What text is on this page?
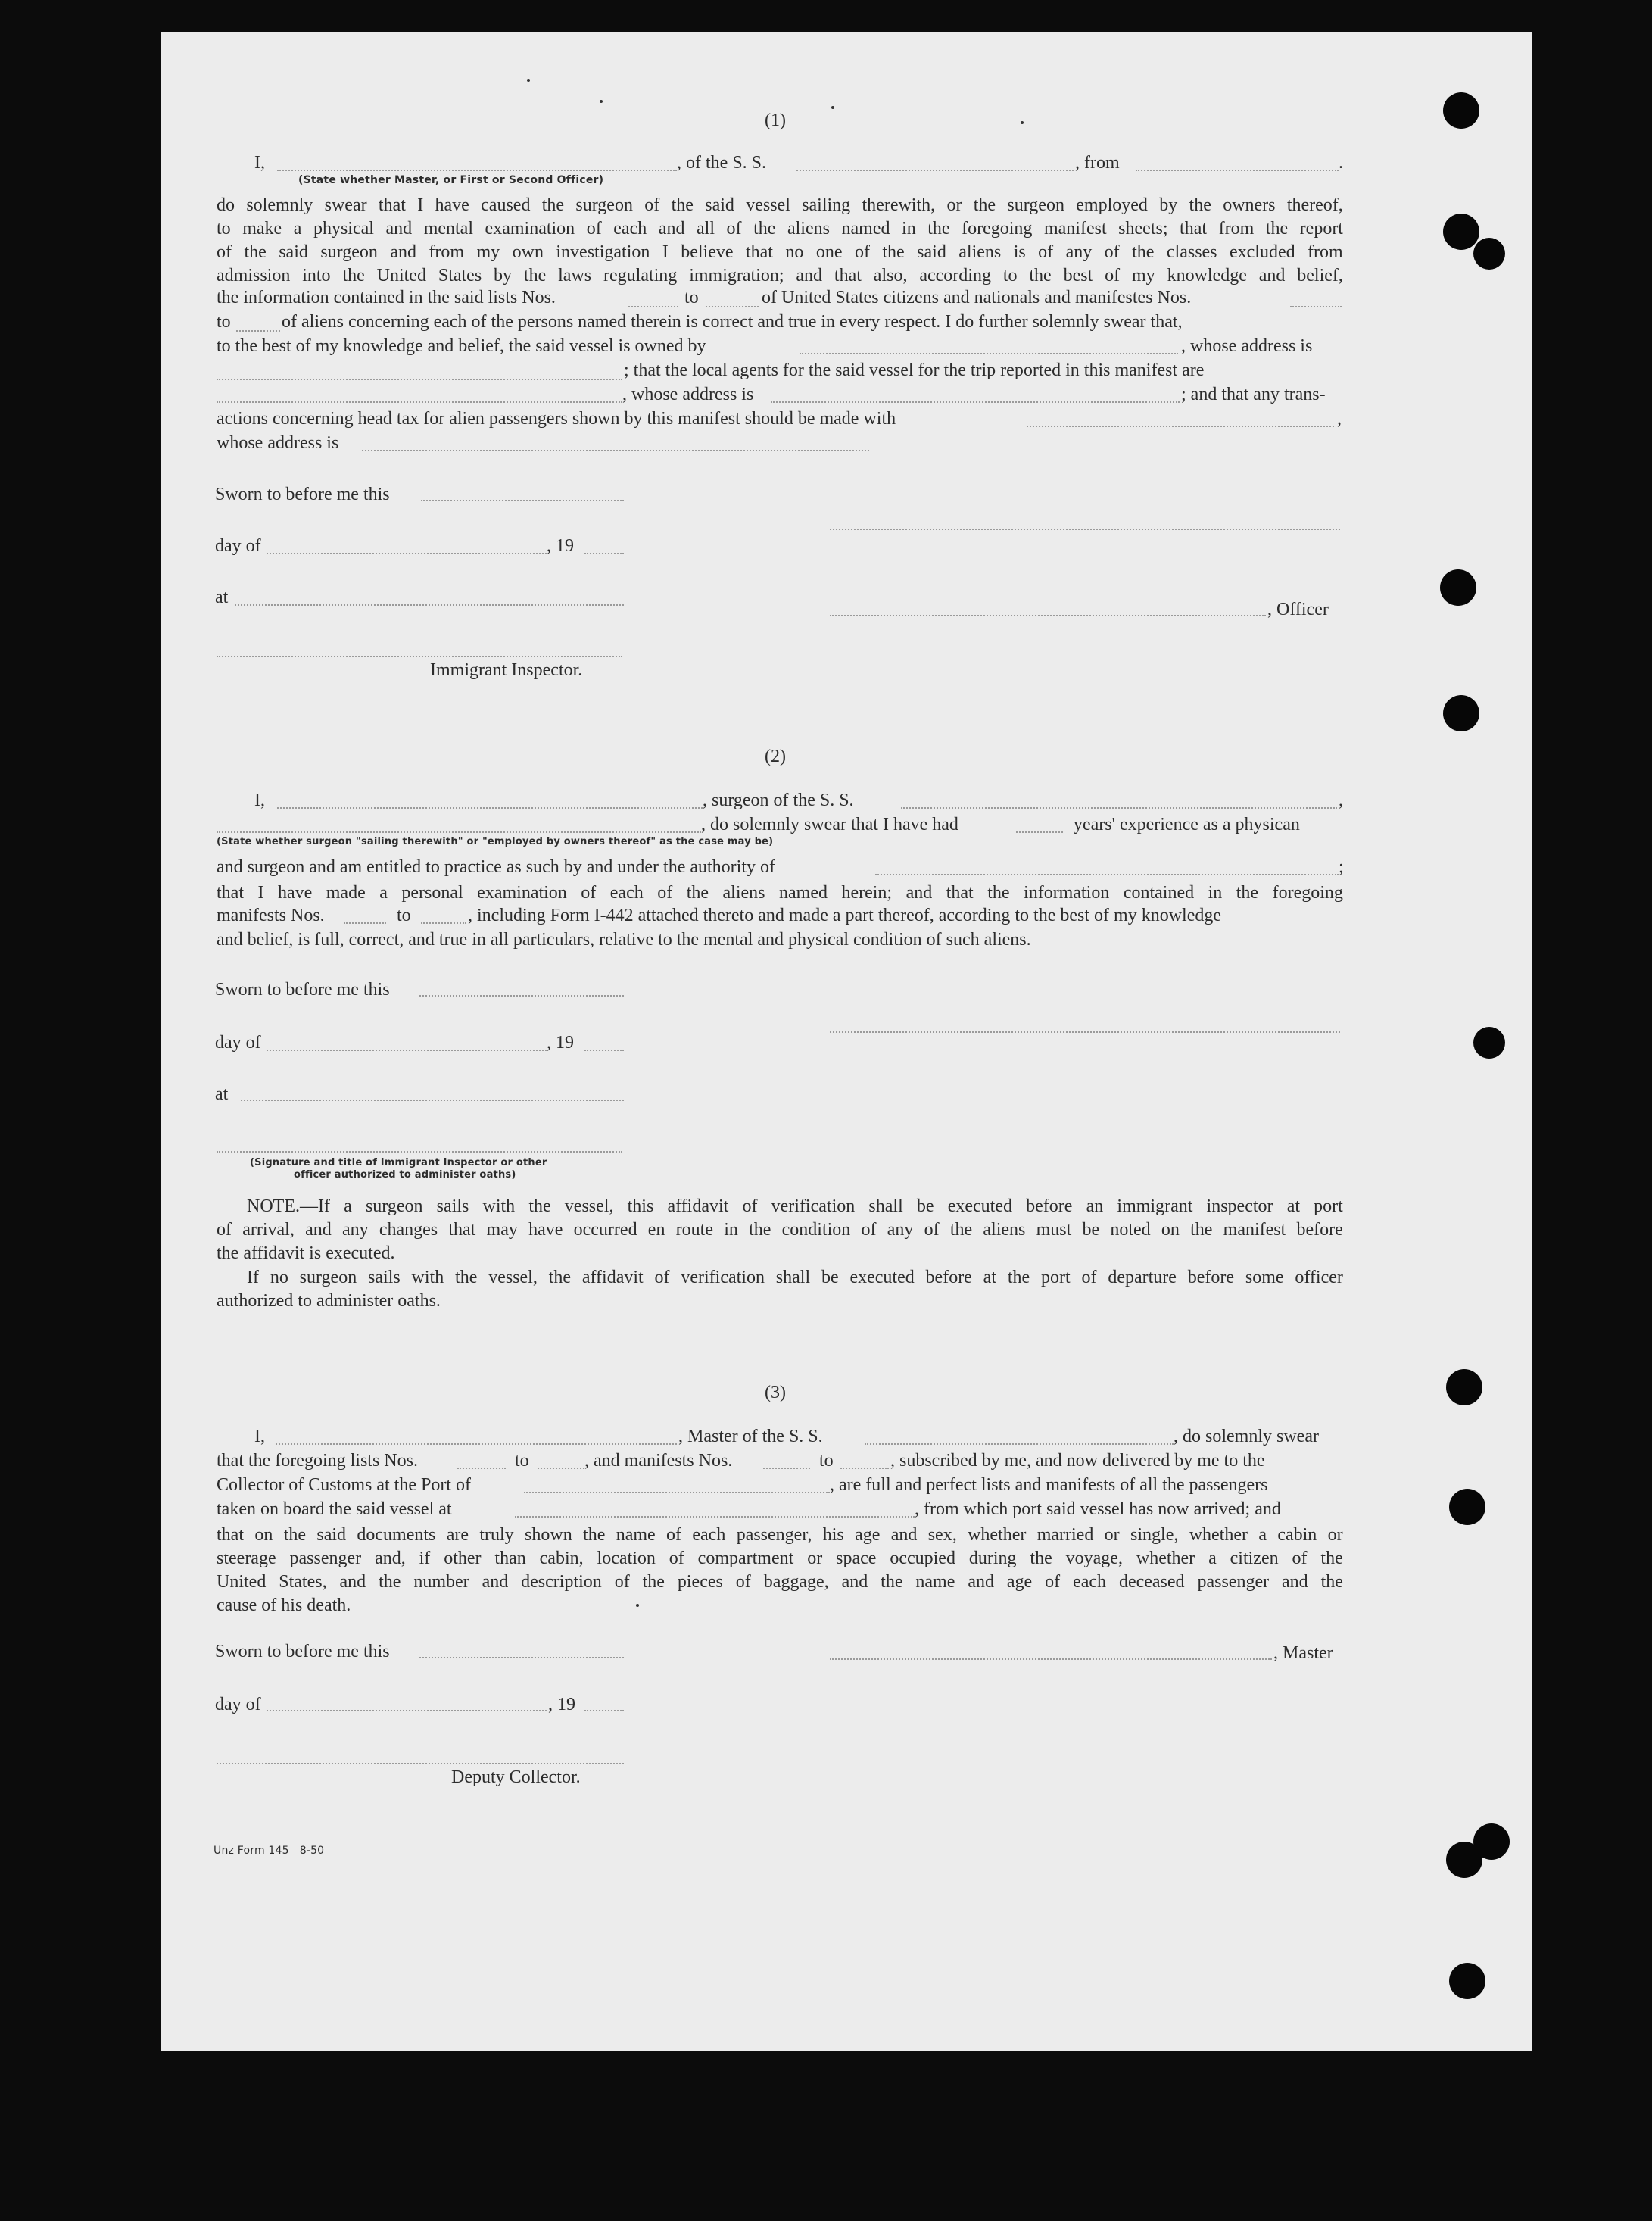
(1)
I,	, of the S. S.	, from	.
(State whether Master, or First or Second Officer)
do solemnly swear that I have caused the surgeon of the said vessel sailing therewith, or the surgeon employed by the owners thereof,
to make a physical and mental examination of each and all of the aliens named in the foregoing manifest sheets; that from the report
of the said surgeon and from my own investigation I believe that no one of the said aliens is of any of the classes excluded from
admission into the United States by the laws regulating immigration; and that also, according to the best of my knowledge and belief,
the information contained in the said lists Nos.	to	of United States citizens and nationals and manifestes Nos.
to	of aliens concerning each of the persons named therein is correct and true in every respect. I do further solemnly swear that,
to the best of my knowledge and belief, the said vessel is owned by	, whose address is
; that the local agents for the said vessel for the trip reported in this manifest are
, whose address is	; and that any trans-
actions concerning head tax for alien passengers shown by this manifest should be made with	,
whose address is
Sworn to before me this
day of	, 19
at
, Officer
Immigrant Inspector.
(2)
I,	, surgeon of the S. S.	,
, do solemnly swear that I have had	years' experience as a physican
(State whether surgeon "sailing therewith" or "employed by owners thereof" as the case may be)
and surgeon and am entitled to practice as such by and under the authority of	;
that I have made a personal examination of each of the aliens named herein; and that the information contained in the foregoing
manifests Nos.	to	, including Form I-442 attached thereto and made a part thereof, according to the best of my knowledge
and belief, is full, correct, and true in all particulars, relative to the mental and physical condition of such aliens.
Sworn to before me this
day of	, 19
at
(Signature and title of Immigrant Inspector or other
officer authorized to administer oaths)
NOTE.—If a surgeon sails with the vessel, this affidavit of verification shall be executed before an immigrant inspector at port
of arrival, and any changes that may have occurred en route in the condition of any of the aliens must be noted on the manifest before
the affidavit is executed.
If no surgeon sails with the vessel, the affidavit of verification shall be executed before at the port of departure before some officer
authorized to administer oaths.
(3)
I,	, Master of the S. S.	, do solemnly swear
that the foregoing lists Nos.	to	, and manifests Nos.	to	, subscribed by me, and now delivered by me to the
Collector of Customs at the Port of	, are full and perfect lists and manifests of all the passengers
taken on board the said vessel at	, from which port said vessel has now arrived; and
that on the said documents are truly shown the name of each passenger, his age and sex, whether married or single, whether a cabin or
steerage passenger and, if other than cabin, location of compartment or space occupied during the voyage, whether a citizen of the
United States, and the number and description of the pieces of baggage, and the name and age of each deceased passenger and the
cause of his death.
Sworn to before me this	, Master
day of	, 19
Deputy Collector.
Unz Form 145   8-50
